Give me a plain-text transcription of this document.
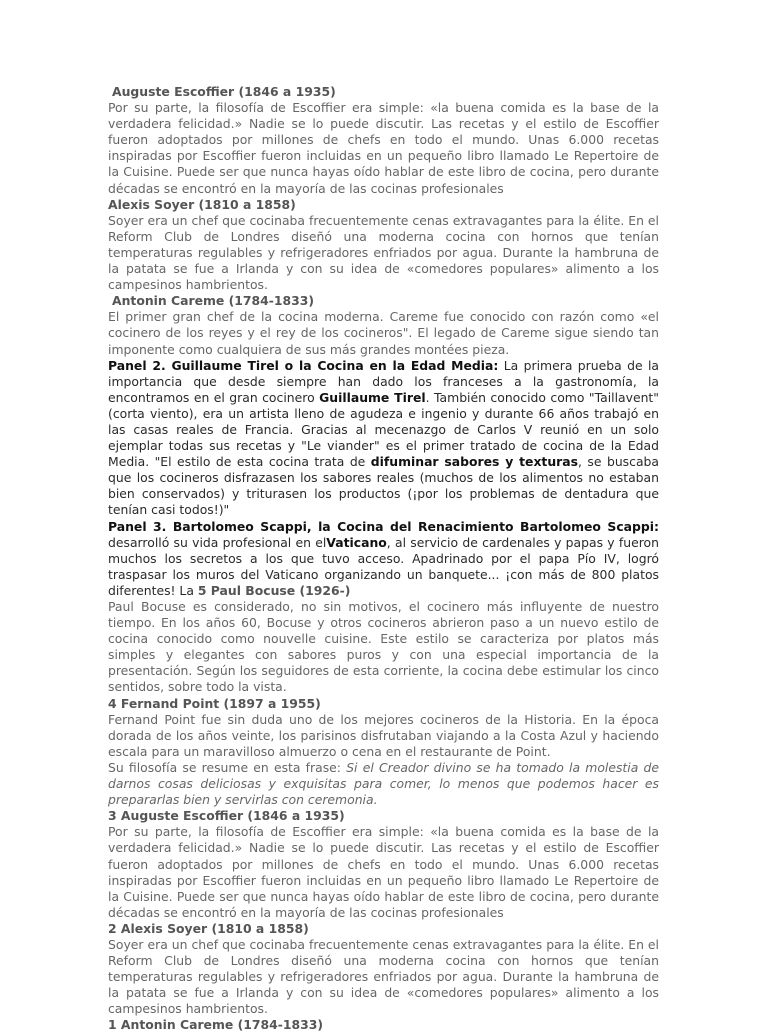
Auguste Escoffier (1846 a 1935)

Por su parte, la filosofía de Escoffier era simple: «la buena comida es la base de la verdadera felicidad.» Nadie se lo puede discutir. Las recetas y el estilo de Escoffier fueron adoptados por millones de chefs en todo el mundo. Unas 6.000 recetas inspiradas por Escoffier fueron incluidas en un pequeño libro llamado Le Repertoire de la Cuisine. Puede ser que nunca hayas oído hablar de este libro de cocina, pero durante décadas se encontró en la mayoría de las cocinas profesionales

Alexis Soyer (1810 a 1858)

Soyer era un chef que cocinaba frecuentemente cenas extravagantes para la élite. En el Reform Club de Londres diseñó una moderna cocina con hornos que tenían temperaturas regulables y refrigeradores enfriados por agua. Durante la hambruna de la patata se fue a Irlanda y con su idea de «comedores populares» alimento a los campesinos hambrientos.

Antonin Careme (1784-1833)

El primer gran chef de la cocina moderna. Careme fue conocido con razón como «el cocinero de los reyes y el rey de los cocineros". El legado de Careme sigue siendo tan imponente como cualquiera de sus más grandes montées pieza.

Panel 2. Guillaume Tirel o la Cocina en la Edad Media: La primera prueba de la importancia que desde siempre han dado los franceses a la gastronomía, la encontramos en el gran cocinero Guillaume Tirel. También conocido como "Taillavent" (corta viento), era un artista lleno de agudeza e ingenio y durante 66 años trabajó en las casas reales de Francia. Gracias al mecenazgo de Carlos V reunió en un solo ejemplar todas sus recetas y "Le viander" es el primer tratado de cocina de la Edad Media. "El estilo de esta cocina trata de difuminar sabores y texturas, se buscaba que los cocineros disfrazasen los sabores reales (muchos de los alimentos no estaban bien conservados) y triturasen los productos (¡por los problemas de dentadura que tenían casi todos!)"

Panel 3. Bartolomeo Scappi, la Cocina del Renacimiento Bartolomeo Scappi: desarrolló su vida profesional en elVaticano, al servicio de cardenales y papas y fueron muchos los secretos a los que tuvo acceso. Apadrinado por el papa Pío IV, logró traspasar los muros del Vaticano organizando un banquete... ¡con más de 800 platos diferentes! La 5 Paul Bocuse (1926-)

Paul Bocuse es considerado, no sin motivos, el cocinero más influyente de nuestro tiempo. En los años 60, Bocuse y otros cocineros abrieron paso a un nuevo estilo de cocina conocido como nouvelle cuisine. Este estilo se caracteriza por platos más simples y elegantes con sabores puros y con una especial importancia de la presentación. Según los seguidores de esta corriente, la cocina debe estimular los cinco sentidos, sobre todo la vista.

4 Fernand Point (1897 a 1955)

Fernand Point fue sin duda uno de los mejores cocineros de la Historia. En la época dorada de los años veinte, los parisinos disfrutaban viajando a la Costa Azul y haciendo escala para un maravilloso almuerzo o cena en el restaurante de Point.

Su filosofía se resume en esta frase: Si el Creador divino se ha tomado la molestia de darnos cosas deliciosas y exquisitas para comer, lo menos que podemos hacer es prepararlas bien y servirlas con ceremonia.

3 Auguste Escoffier (1846 a 1935)

Por su parte, la filosofía de Escoffier era simple: «la buena comida es la base de la verdadera felicidad.» Nadie se lo puede discutir. Las recetas y el estilo de Escoffier fueron adoptados por millones de chefs en todo el mundo. Unas 6.000 recetas inspiradas por Escoffier fueron incluidas en un pequeño libro llamado Le Repertoire de la Cuisine. Puede ser que nunca hayas oído hablar de este libro de cocina, pero durante décadas se encontró en la mayoría de las cocinas profesionales

2 Alexis Soyer (1810 a 1858)

Soyer era un chef que cocinaba frecuentemente cenas extravagantes para la élite. En el Reform Club de Londres diseñó una moderna cocina con hornos que tenían temperaturas regulables y refrigeradores enfriados por agua. Durante la hambruna de la patata se fue a Irlanda y con su idea de «comedores populares» alimento a los campesinos hambrientos.

1 Antonin Careme (1784-1833)
